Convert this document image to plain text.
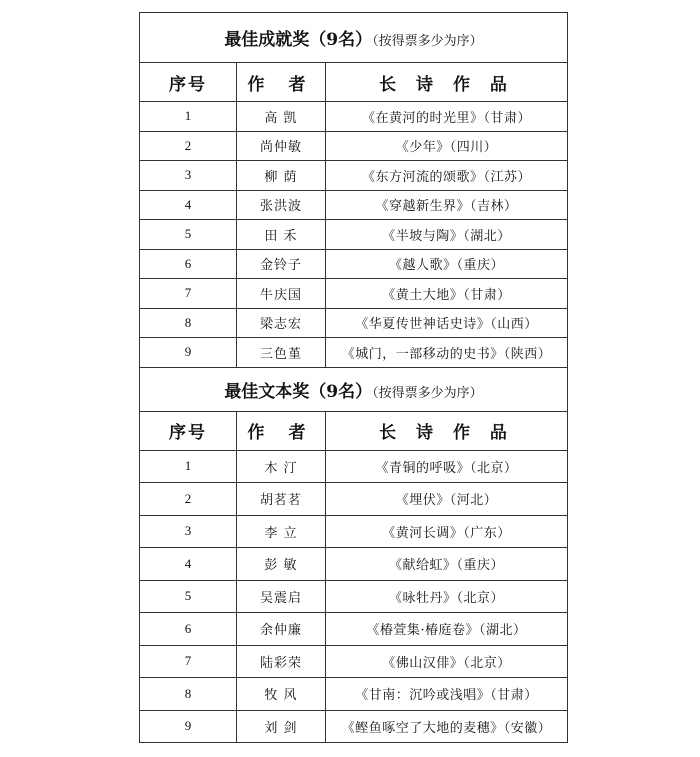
最佳成就奖（9名）（按得票多少为序）		
序号	作 者	长 诗 作 品
1	高 凯	《在黄河的时光里》（甘肃）
2	尚仲敏	《少年》（四川）
3	柳 荫	《东方河流的颂歌》（江苏）
4	张洪波	《穿越新生界》（吉林）
5	田 禾	《半坡与陶》（湖北）
6	金铃子	《越人歌》（重庆）
7	牛庆国	《黄土大地》（甘肃）
8	梁志宏	《华夏传世神话史诗》（山西）
9	三色堇	《城门，一部移动的史书》（陕西）
最佳文本奖（9名）（按得票多少为序）		
序号	作 者	长 诗 作 品
1	木 汀	《青铜的呼吸》（北京）
2	胡茗茗	《埋伏》（河北）
3	李 立	《黄河长调》（广东）
4	彭 敏	《献给虹》（重庆）
5	吴震启	《咏牡丹》（北京）
6	余仲廉	《椿萱集·椿庭卷》（湖北）
7	陆彩荣	《佛山汉俳》（北京）
8	牧 风	《甘南：沉吟或浅唱》（甘肃）
9	刘 剑	《鲣鱼啄空了大地的麦穗》（安徽）
